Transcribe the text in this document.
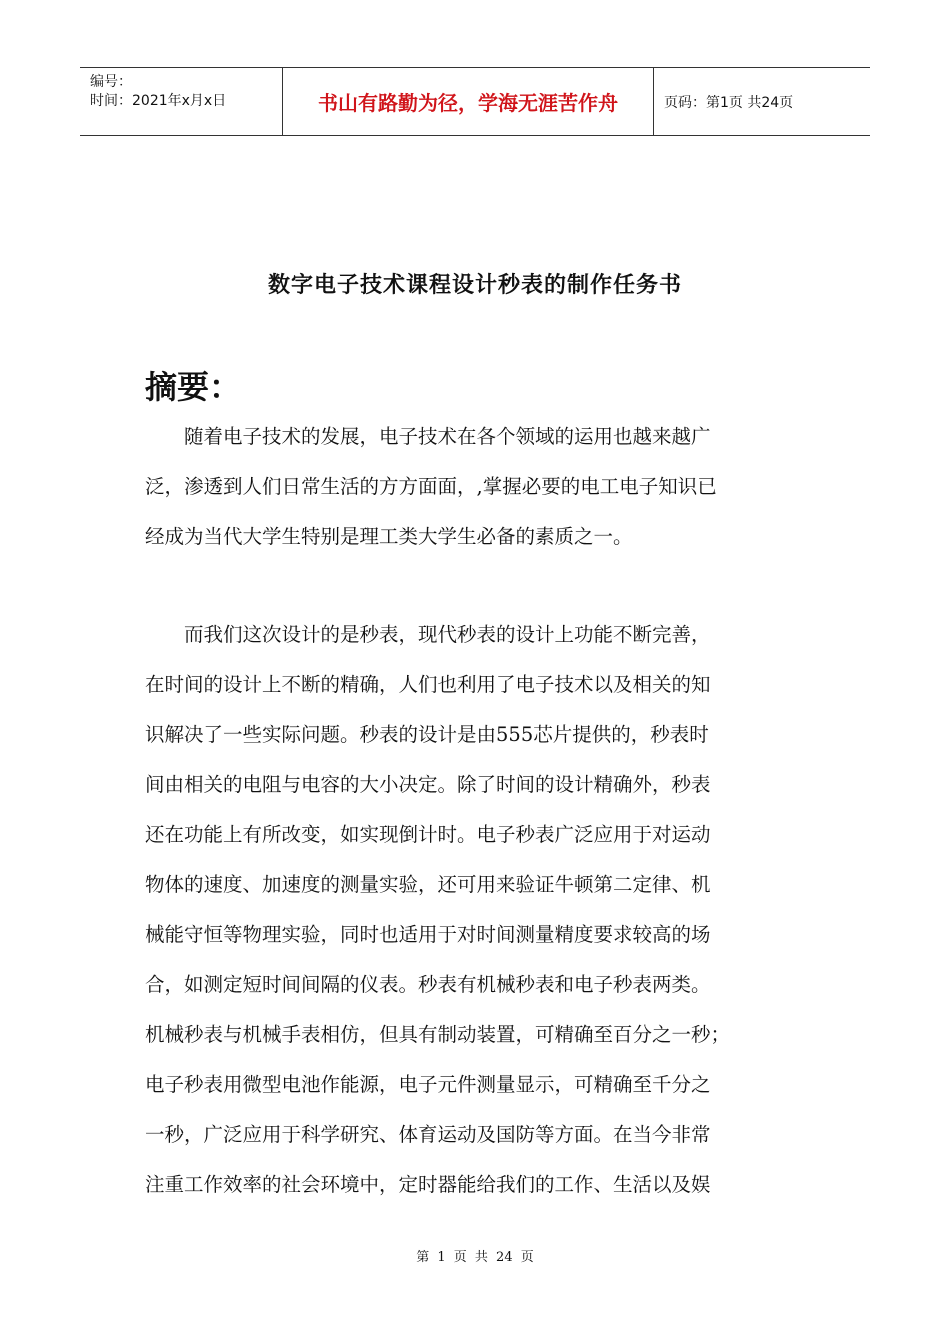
编号：
时间：2021年x月x日	书山有路勤为径，学海无涯苦作舟	页码：第1页 共24页
数字电子技术课程设计秒表的制作任务书
摘要：
　　随着电子技术的发展，电子技术在各个领域的运用也越来越广
泛，渗透到人们日常生活的方方面面，,掌握必要的电工电子知识已
经成为当代大学生特别是理工类大学生必备的素质之一。
　　而我们这次设计的是秒表，现代秒表的设计上功能不断完善，
在时间的设计上不断的精确，人们也利用了电子技术以及相关的知
识解决了一些实际问题。秒表的设计是由555芯片提供的，秒表时
间由相关的电阻与电容的大小决定。除了时间的设计精确外，秒表
还在功能上有所改变，如实现倒计时。电子秒表广泛应用于对运动
物体的速度、加速度的测量实验，还可用来验证牛顿第二定律、机
械能守恒等物理实验，同时也适用于对时间测量精度要求较高的场
合，如测定短时间间隔的仪表。秒表有机械秒表和电子秒表两类。
机械秒表与机械手表相仿，但具有制动装置，可精确至百分之一秒；
电子秒表用微型电池作能源，电子元件测量显示，可精确至千分之
一秒，广泛应用于科学研究、体育运动及国防等方面。在当今非常
注重工作效率的社会环境中，定时器能给我们的工作、生活以及娱
第 1 页 共 24 页
